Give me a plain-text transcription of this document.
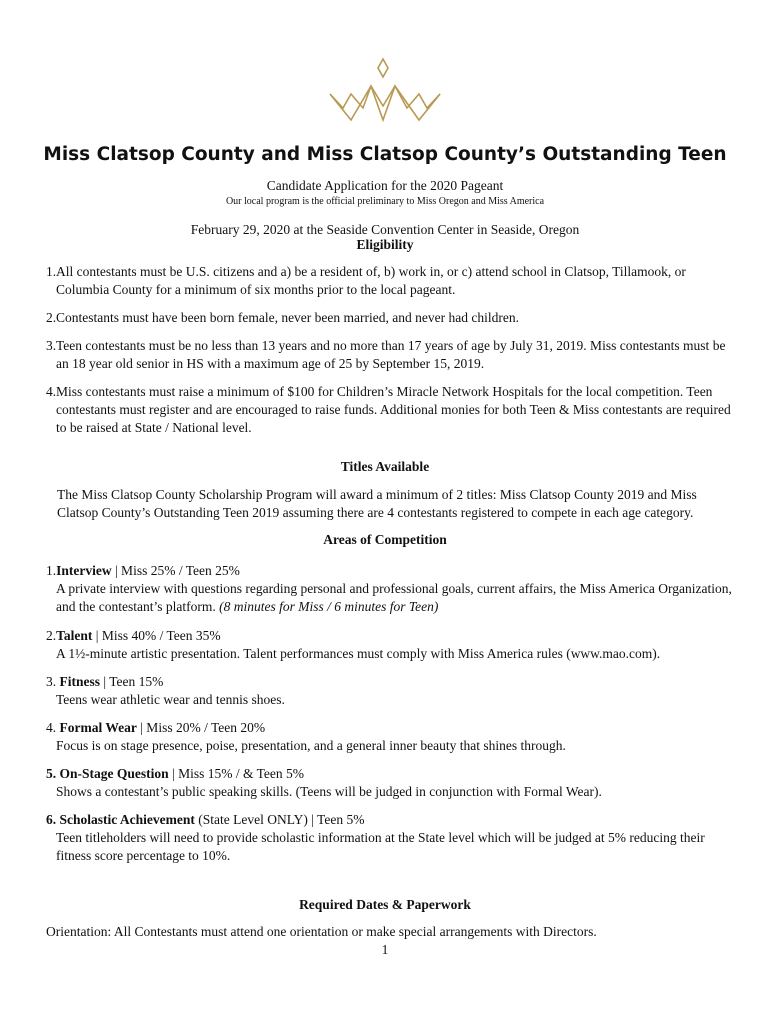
Miss Clatsop County and Miss Clatsop County’s Outstanding Teen
Candidate Application for the 2020 Pageant
Our local program is the official preliminary to Miss Oregon and Miss America
February 29, 2020 at the Seaside Convention Center in Seaside, Oregon
Eligibility
1. All contestants must be U.S. citizens and a) be a resident of, b) work in, or c) attend school in Clatsop, Tillamook, or Columbia County for a minimum of six months prior to the local pageant.
2. Contestants must have been born female, never been married, and never had children.
3. Teen contestants must be no less than 13 years and no more than 17 years of age by July 31, 2019. Miss contestants must be an 18 year old senior in HS with a maximum age of 25 by September 15, 2019.
4. Miss contestants must raise a minimum of $100 for Children’s Miracle Network Hospitals for the local competition. Teen contestants must register and are encouraged to raise funds. Additional monies for both Teen & Miss contestants are required to be raised at State / National level.
Titles Available
The Miss Clatsop County Scholarship Program will award a minimum of 2 titles: Miss Clatsop County 2019 and Miss Clatsop County’s Outstanding Teen 2019 assuming there are 4 contestants registered to compete in each age category.
Areas of Competition
1.Interview | Miss 25% / Teen 25%
A private interview with questions regarding personal and professional goals, current affairs, the Miss America Organization, and the contestant’s platform. (8 minutes for Miss / 6 minutes for Teen)
2.Talent | Miss 40% / Teen 35%
A 1½-minute artistic presentation. Talent performances must comply with Miss America rules (www.mao.com).
3. Fitness | Teen 15%
Teens wear athletic wear and tennis shoes.
4. Formal Wear | Miss 20% / Teen 20%
Focus is on stage presence, poise, presentation, and a general inner beauty that shines through.
5. On-Stage Question | Miss 15% / & Teen 5%
Shows a contestant’s public speaking skills. (Teens will be judged in conjunction with Formal Wear).
6. Scholastic Achievement (State Level ONLY) | Teen 5%
Teen titleholders will need to provide scholastic information at the State level which will be judged at 5% reducing their fitness score percentage to 10%.
Required Dates & Paperwork
Orientation: All Contestants must attend one orientation or make special arrangements with Directors.
1
